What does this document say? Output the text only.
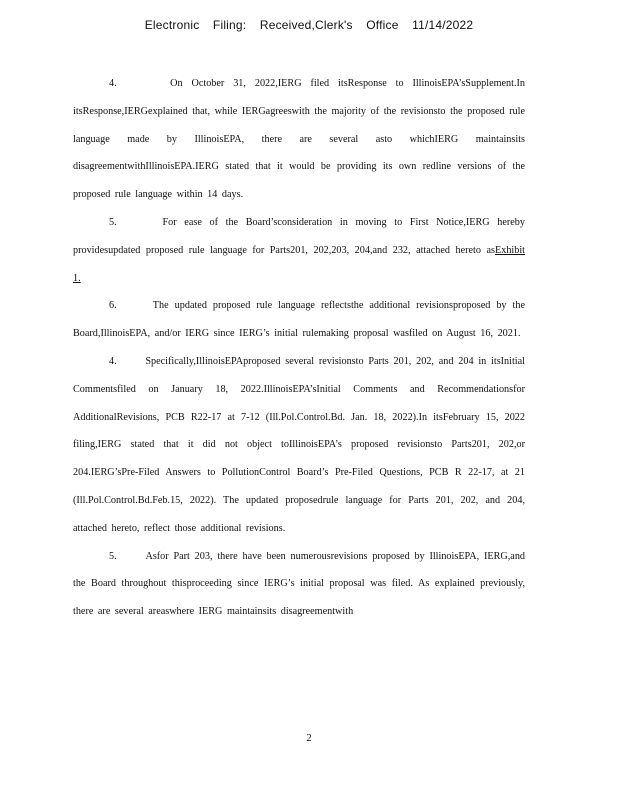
Electronic Filing: Received,Clerk's Office 11/14/2022

4.	On October 31, 2022,IERG filed itsResponse to IllinoisEPA’sSupplement.In itsResponse,IERGexplained that, while IERGagreeswith the majority of the revisionsto the proposed rule language made by IllinoisEPA, there are several asto whichIERG maintainsits disagreementwithIllinoisEPA.IERG stated that it would be providing its own redline versions of the proposed rule language within 14 days.

5.	For ease of the Board’sconsideration in moving to First Notice,IERG hereby providesupdated proposed rule language for Parts201, 202,203, 204,and 232, attached hereto asExhibit 1.

6.	The updated proposed rule language reflectsthe additional revisionsproposed by the Board,IllinoisEPA, and/or IERG since IERG’s initial rulemaking proposal wasfiled on August 16, 2021.

4.	Specifically,IllinoisEPAproposed several revisionsto Parts 201, 202, and 204 in itsInitial Commentsfiled on January 18, 2022.IllinoisEPA’sInitial Comments and Recommendationsfor AdditionalRevisions, PCB R22-17 at 7-12 (Ill.Pol.Control.Bd. Jan. 18, 2022).In itsFebruary 15, 2022 filing,IERG stated that it did not object toIllinoisEPA’s proposed revisionsto Parts201, 202,or 204.IERG’sPre-Filed Answers to PollutionControl Board’s Pre-Filed Questions, PCB R 22-17, at 21 (Ill.Pol.Control.Bd.Feb.15, 2022). The updated proposedrule language for Parts 201, 202, and 204, attached hereto, reflect those additional revisions.

5.	Asfor Part 203, there have been numerousrevisions proposed by IllinoisEPA, IERG,and the Board throughout thisproceeding since IERG’s initial proposal was filed. As explained previously, there are several areaswhere IERG maintainsits disagreementwith

2
